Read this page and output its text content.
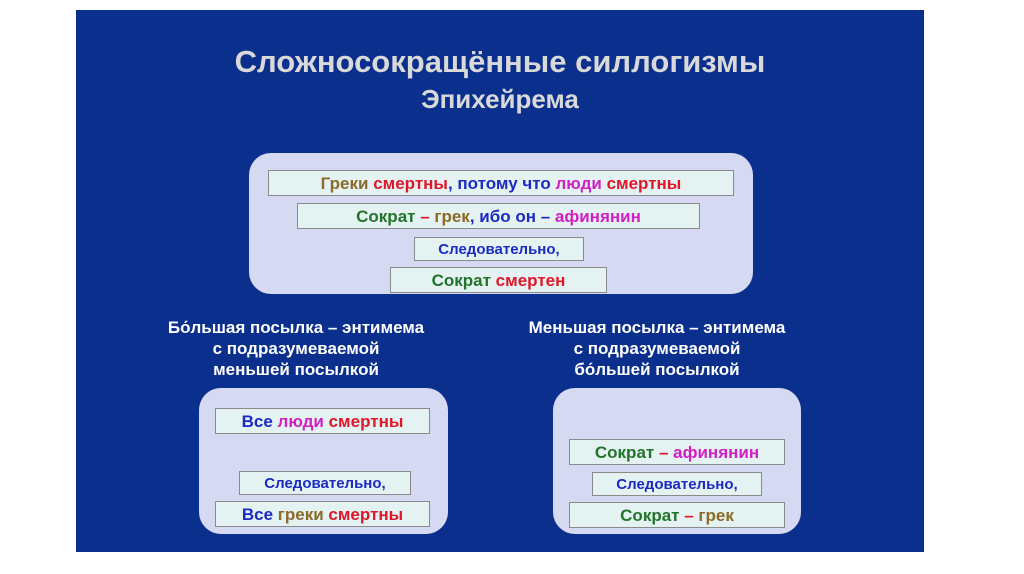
Сложносокращённые силлогизмы
Эпихейрема
Греки смертны, потому что люди смертны
Сократ – грек, ибо он – афинянин
Следовательно,
Сократ смертен
Бо́льшая посылка – энтимема
с подразумеваемой
меньшей посылкой
Меньшая посылка – энтимема
с подразумеваемой
бо́льшей посылкой
Все люди смертны
Следовательно,
Все греки смертны
Сократ – афинянин
Следовательно,
Сократ – грек
